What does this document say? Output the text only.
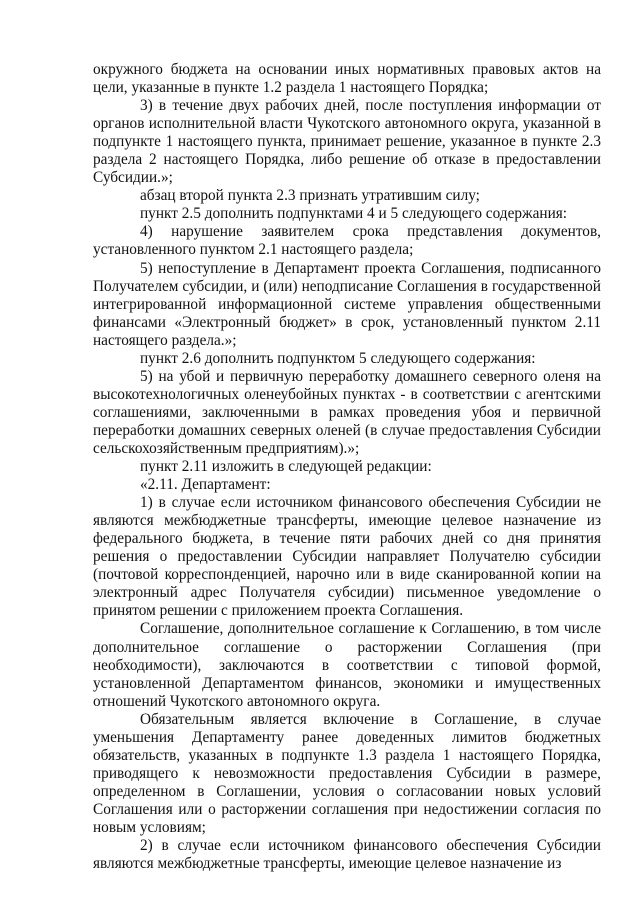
окружного бюджета на основании иных нормативных правовых актов на цели, указанные в пункте 1.2 раздела 1 настоящего Порядка;

3) в течение двух рабочих дней, после поступления информации от органов исполнительной власти Чукотского автономного округа, указанной в подпункте 1 настоящего пункта, принимает решение, указанное в пункте 2.3 раздела 2 настоящего Порядка, либо решение об отказе в предоставлении Субсидии.»;

абзац второй пункта 2.3 признать утратившим силу;

пункт 2.5 дополнить подпунктами 4 и 5 следующего содержания:

4) нарушение заявителем срока представления документов, установленного пунктом 2.1 настоящего раздела;

5) непоступление в Департамент проекта Соглашения, подписанного Получателем субсидии, и (или) неподписание Соглашения в государственной интегрированной информационной системе управления общественными финансами «Электронный бюджет» в срок, установленный пунктом 2.11 настоящего раздела.»;

пункт 2.6 дополнить подпунктом 5 следующего содержания:

5) на убой и первичную переработку домашнего северного оленя на высокотехнологичных оленеубойных пунктах - в соответствии с агентскими соглашениями, заключенными в рамках проведения убоя и первичной переработки домашних северных оленей (в случае предоставления Субсидии сельскохозяйственным предприятиям).»;

пункт 2.11 изложить в следующей редакции:

«2.11. Департамент:

1) в случае если источником финансового обеспечения Субсидии не являются межбюджетные трансферты, имеющие целевое назначение из федерального бюджета, в течение пяти рабочих дней со дня принятия решения о предоставлении Субсидии направляет Получателю субсидии (почтовой корреспонденцией, нарочно или в виде сканированной копии на электронный адрес Получателя субсидии) письменное уведомление о принятом решении с приложением проекта Соглашения.

Соглашение, дополнительное соглашение к Соглашению, в том числе дополнительное соглашение о расторжении Соглашения (при необходимости), заключаются в соответствии с типовой формой, установленной Департаментом финансов, экономики и имущественных отношений Чукотского автономного округа.

Обязательным является включение в Соглашение, в случае уменьшения Департаменту ранее доведенных лимитов бюджетных обязательств, указанных в подпункте 1.3 раздела 1 настоящего Порядка, приводящего к невозможности предоставления Субсидии в размере, определенном в Соглашении, условия о согласовании новых условий Соглашения или о расторжении соглашения при недостижении согласия по новым условиям;

2) в случае если источником финансового обеспечения Субсидии являются межбюджетные трансферты, имеющие целевое назначение из
